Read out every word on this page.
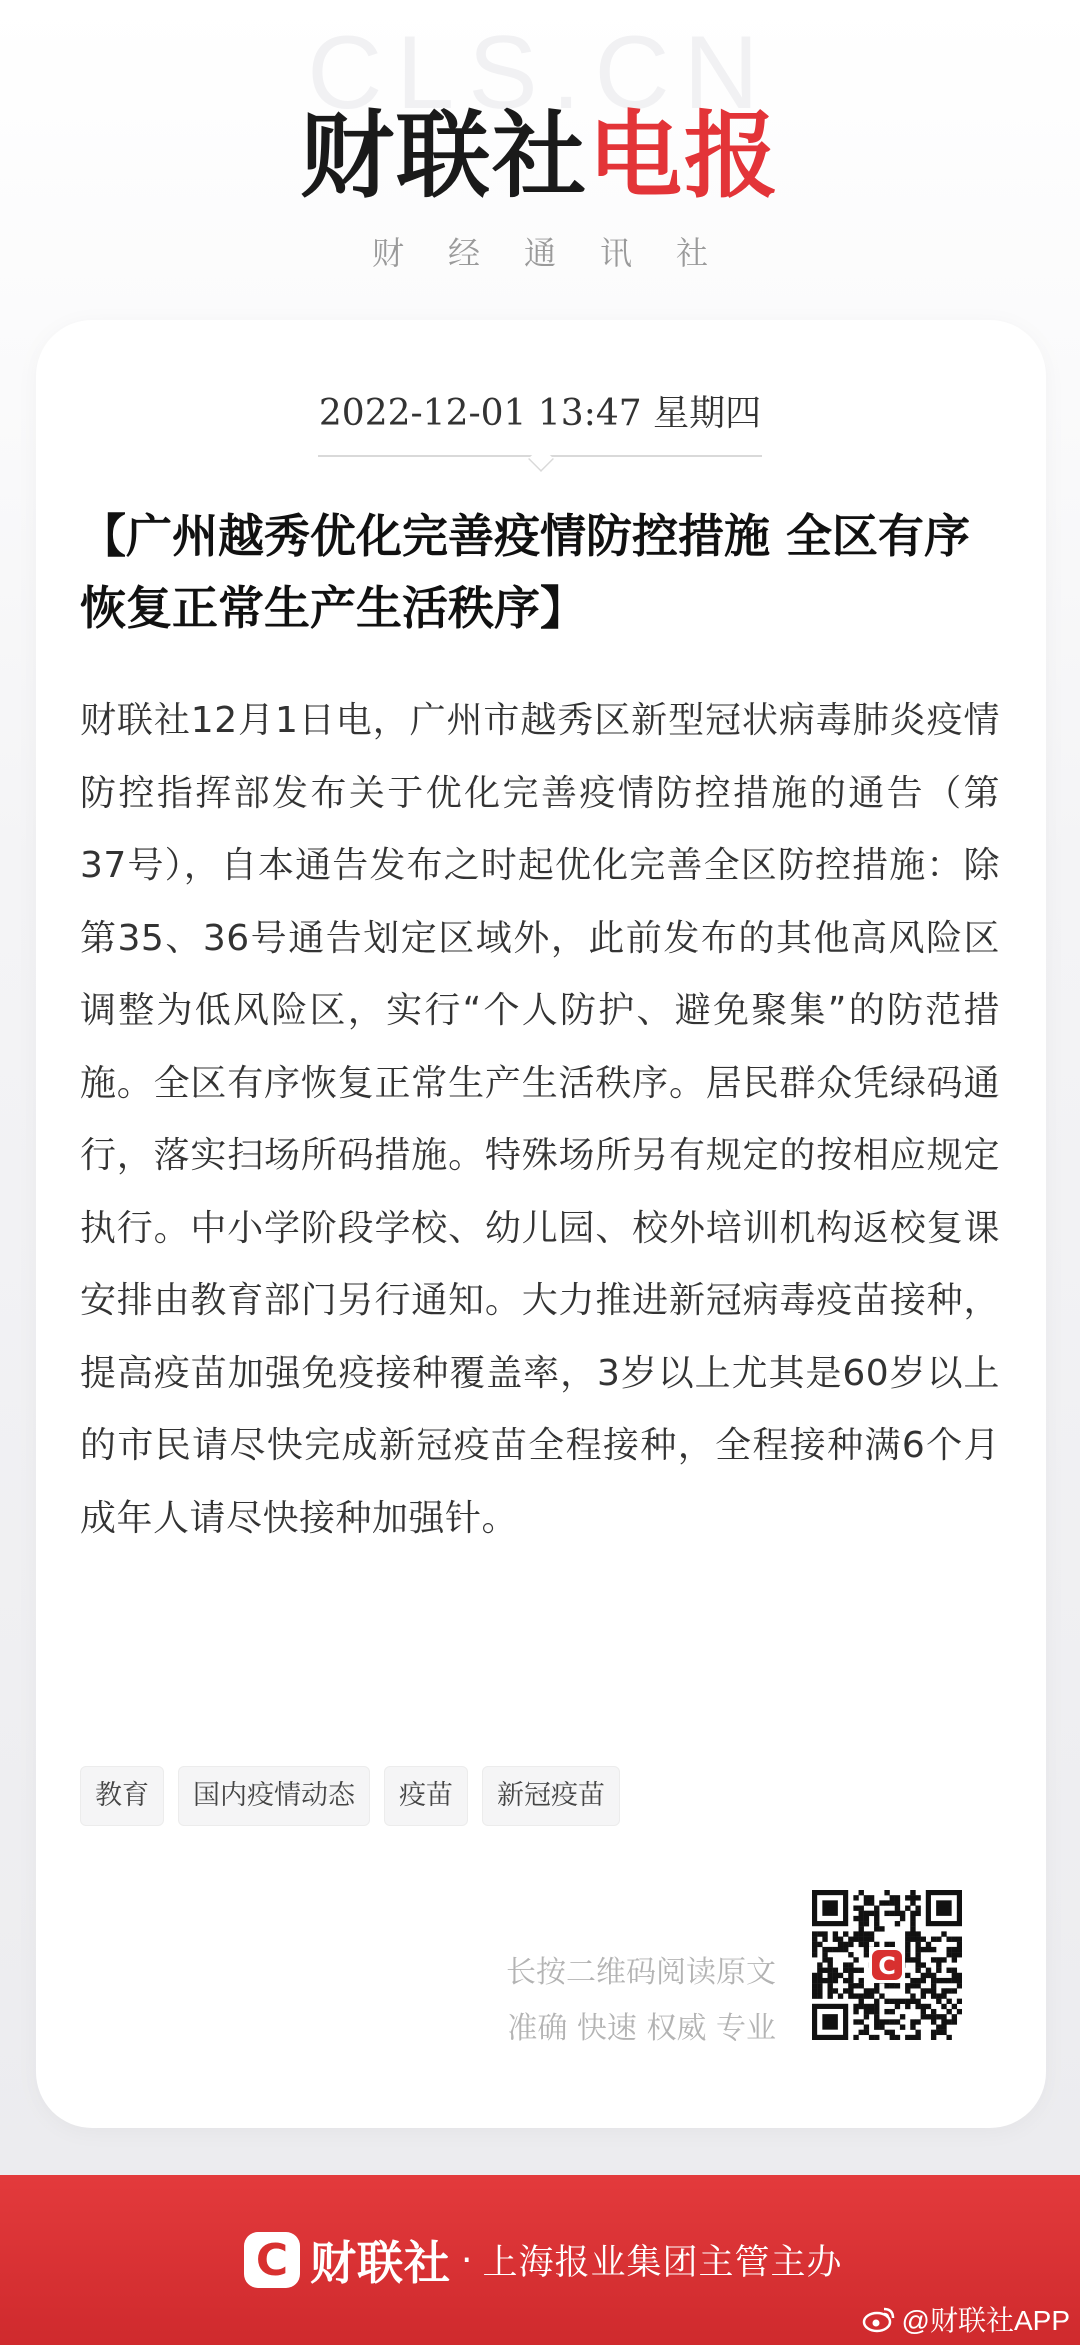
CLS.CN
财联社电报
财经通讯社
2022-12-01 13:47 星期四
【广州越秀优化完善疫情防控措施 全区有序恢复正常生产生活秩序】

财联社12月1日电，广州市越秀区新型冠状病毒肺炎疫情防控指挥部发布关于优化完善疫情防控措施的通告（第37号），自本通告发布之时起优化完善全区防控措施：除第35、36号通告划定区域外，此前发布的其他高风险区调整为低风险区，实行“个人防护、避免聚集”的防范措施。全区有序恢复正常生产生活秩序。居民群众凭绿码通行，落实扫场所码措施。特殊场所另有规定的按相应规定执行。中小学阶段学校、幼儿园、校外培训机构返校复课安排由教育部门另行通知。大力推进新冠病毒疫苗接种，提高疫苗加强免疫接种覆盖率，3岁以上尤其是60岁以上的市民请尽快完成新冠疫苗全程接种，全程接种满6个月成年人请尽快接种加强针。

教育	国内疫情动态	疫苗	新冠疫苗
长按二维码阅读原文
准确 快速 权威 专业
C
C 财联社 · 上海报业集团主管主办
@财联社APP
